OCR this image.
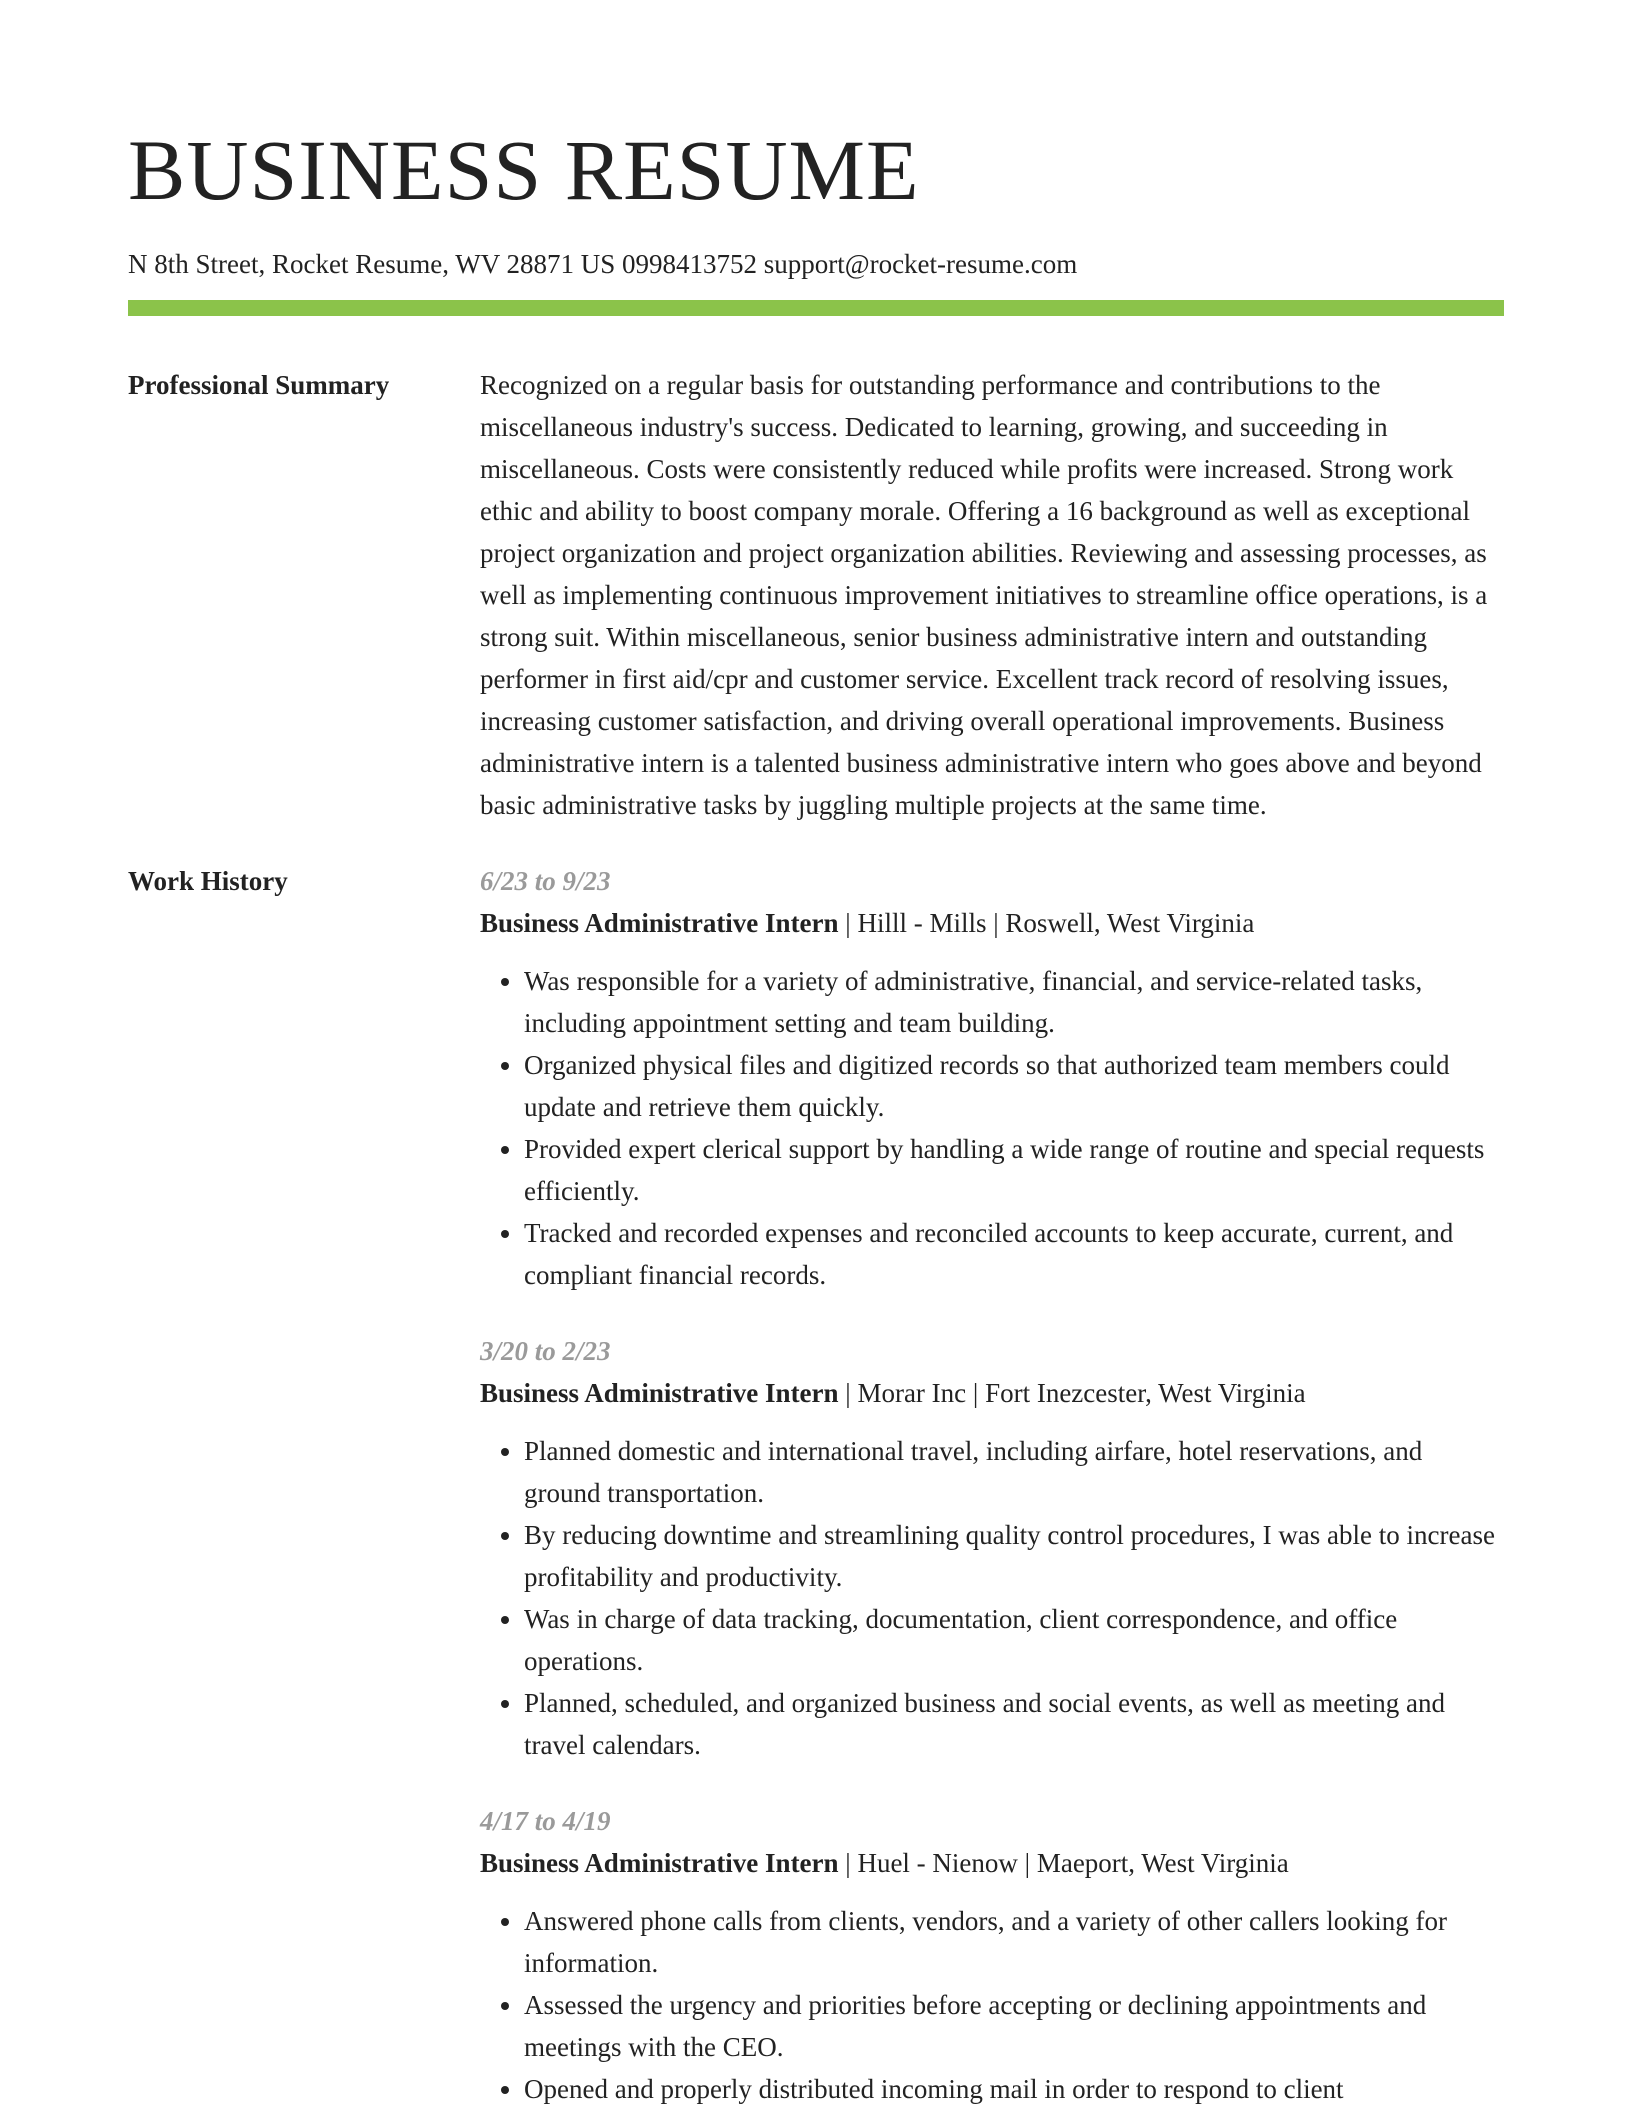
BUSINESS RESUME
N 8th Street, Rocket Resume, WV 28871 US 0998413752 support@rocket-resume.com
Professional Summary	Recognized on a regular basis for outstanding performance and contributions to the miscellaneous industry's success. Dedicated to learning, growing, and succeeding in miscellaneous. Costs were consistently reduced while profits were increased. Strong work ethic and ability to boost company morale. Offering a 16 background as well as exceptional project organization and project organization abilities. Reviewing and assessing processes, as well as implementing continuous improvement initiatives to streamline office operations, is a strong suit. Within miscellaneous, senior business administrative intern and outstanding performer in first aid/cpr and customer service. Excellent track record of resolving issues, increasing customer satisfaction, and driving overall operational improvements. Business administrative intern is a talented business administrative intern who goes above and beyond basic administrative tasks by juggling multiple projects at the same time.

Work History	6/23 to 9/23
Business Administrative Intern | Hilll - Mills | Roswell, West Virginia
• Was responsible for a variety of administrative, financial, and service-related tasks, including appointment setting and team building.
• Organized physical files and digitized records so that authorized team members could update and retrieve them quickly.
• Provided expert clerical support by handling a wide range of routine and special requests efficiently.
• Tracked and recorded expenses and reconciled accounts to keep accurate, current, and compliant financial records.
3/20 to 2/23
Business Administrative Intern | Morar Inc | Fort Inezcester, West Virginia
• Planned domestic and international travel, including airfare, hotel reservations, and ground transportation.
• By reducing downtime and streamlining quality control procedures, I was able to increase profitability and productivity.
• Was in charge of data tracking, documentation, client correspondence, and office operations.
• Planned, scheduled, and organized business and social events, as well as meeting and travel calendars.
4/17 to 4/19
Business Administrative Intern | Huel - Nienow | Maeport, West Virginia
• Answered phone calls from clients, vendors, and a variety of other callers looking for information.
• Assessed the urgency and priorities before accepting or declining appointments and meetings with the CEO.
• Opened and properly distributed incoming mail in order to respond to client
